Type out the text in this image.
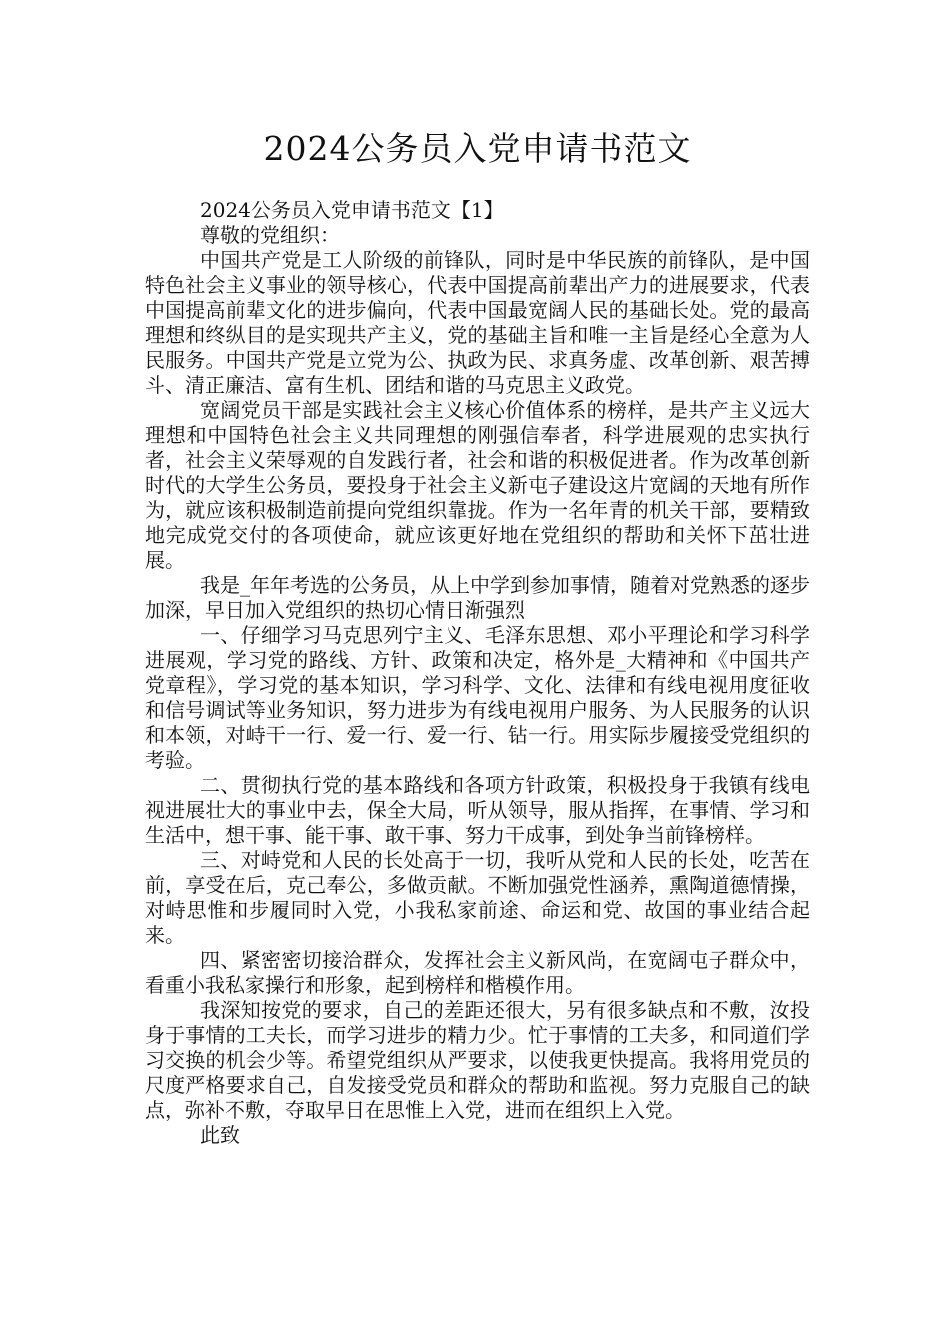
2024公务员入党申请书范文

2024公务员入党申请书范文【1】

尊敬的党组织：

中国共产党是工人阶级的前锋队，同时是中华民族的前锋队，是中国特色社会主义事业的领导核心，代表中国提高前辈出产力的进展要求，代表中国提高前辈文化的进步偏向，代表中国最宽阔人民的基础长处。党的最高理想和终纵目的是实现共产主义，党的基础主旨和唯一主旨是经心全意为人民服务。中国共产党是立党为公、执政为民、求真务虚、改革创新、艰苦搏斗、清正廉洁、富有生机、团结和谐的马克思主义政党。

宽阔党员干部是实践社会主义核心价值体系的榜样，是共产主义远大理想和中国特色社会主义共同理想的刚强信奉者，科学进展观的忠实执行者，社会主义荣辱观的自发践行者，社会和谐的积极促进者。作为改革创新时代的大学生公务员，要投身于社会主义新屯子建设这片宽阔的天地有所作为，就应该积极制造前提向党组织靠拢。作为一名年青的机关干部，要精致地完成党交付的各项使命，就应该更好地在党组织的帮助和关怀下茁壮进展。

我是_年年考选的公务员，从上中学到参加事情，随着对党熟悉的逐步加深，早日加入党组织的热切心情日渐强烈

一、仔细学习马克思列宁主义、毛泽东思想、邓小平理论和学习科学进展观，学习党的路线、方针、政策和决定，格外是_大精神和《中国共产党章程》，学习党的基本知识，学习科学、文化、法律和有线电视用度征收和信号调试等业务知识，努力进步为有线电视用户服务、为人民服务的认识和本领，对峙干一行、爱一行、爱一行、钻一行。用实际步履接受党组织的考验。

二、贯彻执行党的基本路线和各项方针政策，积极投身于我镇有线电视进展壮大的事业中去，保全大局，听从领导，服从指挥，在事情、学习和生活中，想干事、能干事、敢干事、努力干成事，到处争当前锋榜样。

三、对峙党和人民的长处高于一切，我听从党和人民的长处，吃苦在前，享受在后，克己奉公，多做贡献。不断加强党性涵养，熏陶道德情操，对峙思惟和步履同时入党，小我私家前途、命运和党、故国的事业结合起来。

四、紧密密切接洽群众，发挥社会主义新风尚，在宽阔屯子群众中，看重小我私家操行和形象，起到榜样和楷模作用。

我深知按党的要求，自己的差距还很大，另有很多缺点和不敷，汝投身于事情的工夫长，而学习进步的精力少。忙于事情的工夫多，和同道们学习交换的机会少等。希望党组织从严要求，以使我更快提高。我将用党员的尺度严格要求自己，自发接受党员和群众的帮助和监视。努力克服自己的缺点，弥补不敷，夺取早日在思惟上入党，进而在组织上入党。

此致
